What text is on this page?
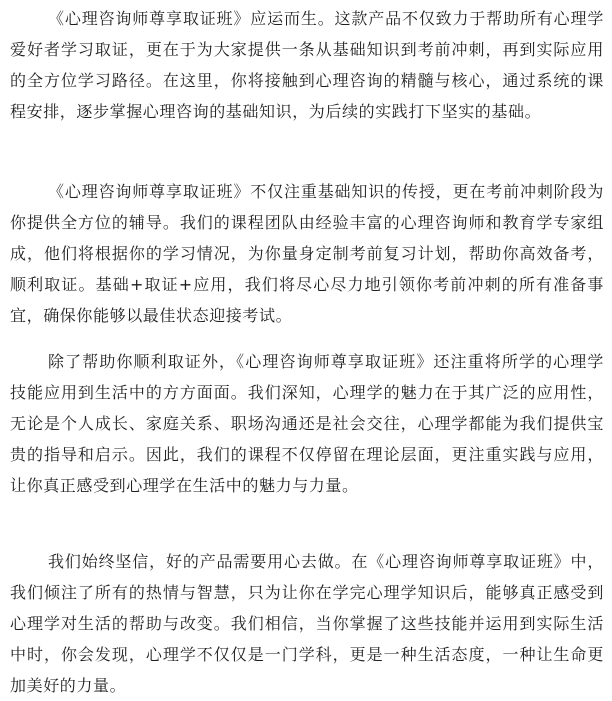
《心理咨询师尊享取证班》应运而生。这款产品不仅致力于帮助所有心理学爱好者学习取证，更在于为大家提供一条从基础知识到考前冲刺，再到实际应用的全方位学习路径。在这里，你将接触到心理咨询的精髓与核心，通过系统的课程安排，逐步掌握心理咨询的基础知识，为后续的实践打下坚实的基础。

《心理咨询师尊享取证班》不仅注重基础知识的传授，更在考前冲刺阶段为你提供全方位的辅导。我们的课程团队由经验丰富的心理咨询师和教育学专家组成，他们将根据你的学习情况，为你量身定制考前复习计划，帮助你高效备考，顺利取证。基础+取证+应用，我们将尽心尽力地引领你考前冲刺的所有准备事宜，确保你能够以最佳状态迎接考试。

除了帮助你顺利取证外，《心理咨询师尊享取证班》还注重将所学的心理学技能应用到生活中的方方面面。我们深知，心理学的魅力在于其广泛的应用性，无论是个人成长、家庭关系、职场沟通还是社会交往，心理学都能为我们提供宝贵的指导和启示。因此，我们的课程不仅停留在理论层面，更注重实践与应用，让你真正感受到心理学在生活中的魅力与力量。

我们始终坚信，好的产品需要用心去做。在《心理咨询师尊享取证班》中，我们倾注了所有的热情与智慧，只为让你在学完心理学知识后，能够真正感受到心理学对生活的帮助与改变。我们相信，当你掌握了这些技能并运用到实际生活中时，你会发现，心理学不仅仅是一门学科，更是一种生活态度，一种让生命更加美好的力量。
